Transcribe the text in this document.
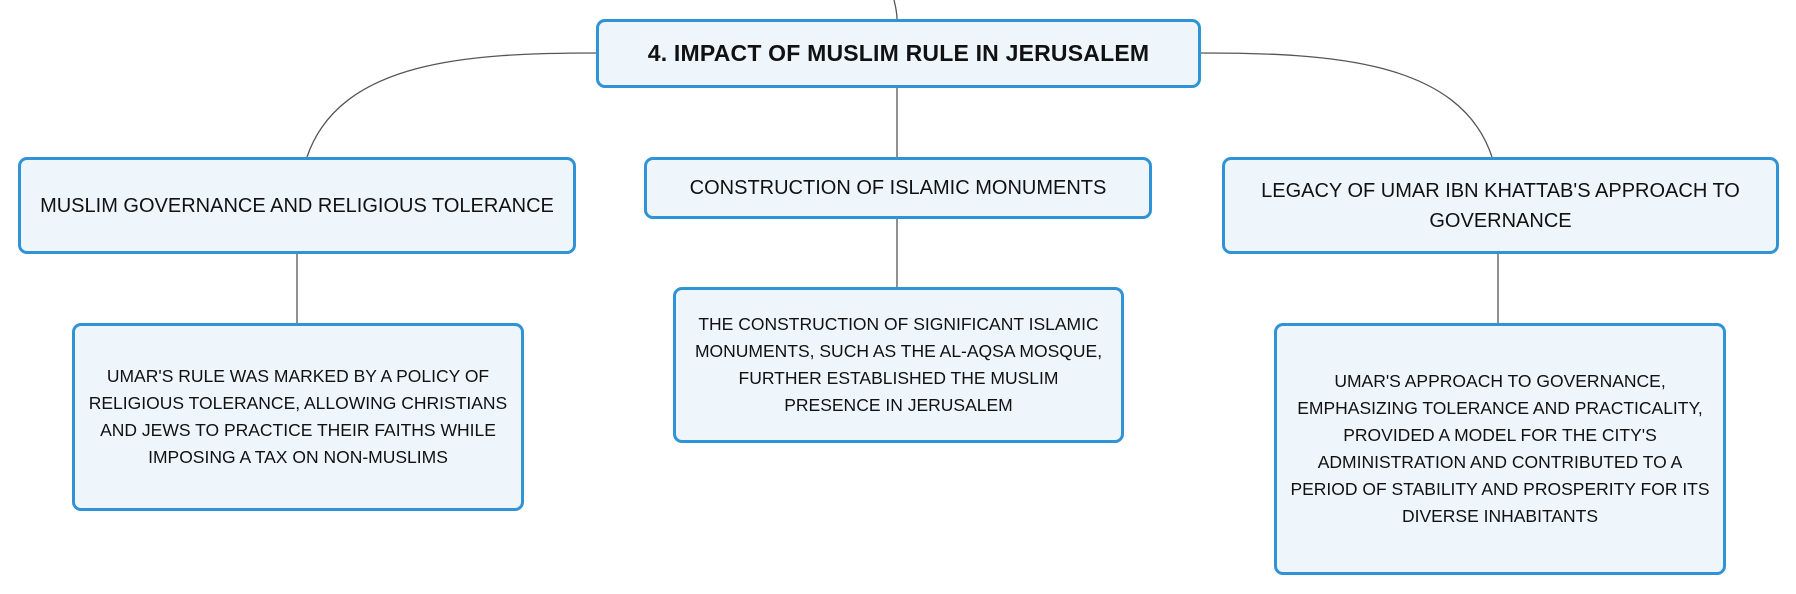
4. IMPACT OF MUSLIM RULE IN JERUSALEM
MUSLIM GOVERNANCE AND RELIGIOUS TOLERANCE
CONSTRUCTION OF ISLAMIC MONUMENTS	LEGACY OF UMAR IBN KHATTAB'S APPROACH TO GOVERNANCE
UMAR'S RULE WAS MARKED BY A POLICY OF RELIGIOUS TOLERANCE, ALLOWING CHRISTIANS AND JEWS TO PRACTICE THEIR FAITHS WHILE IMPOSING A TAX ON NON-MUSLIMS
THE CONSTRUCTION OF SIGNIFICANT ISLAMIC MONUMENTS, SUCH AS THE AL-AQSA MOSQUE, FURTHER ESTABLISHED THE MUSLIM PRESENCE IN JERUSALEM
UMAR'S APPROACH TO GOVERNANCE, EMPHASIZING TOLERANCE AND PRACTICALITY, PROVIDED A MODEL FOR THE CITY'S ADMINISTRATION AND CONTRIBUTED TO A PERIOD OF STABILITY AND PROSPERITY FOR ITS DIVERSE INHABITANTS
